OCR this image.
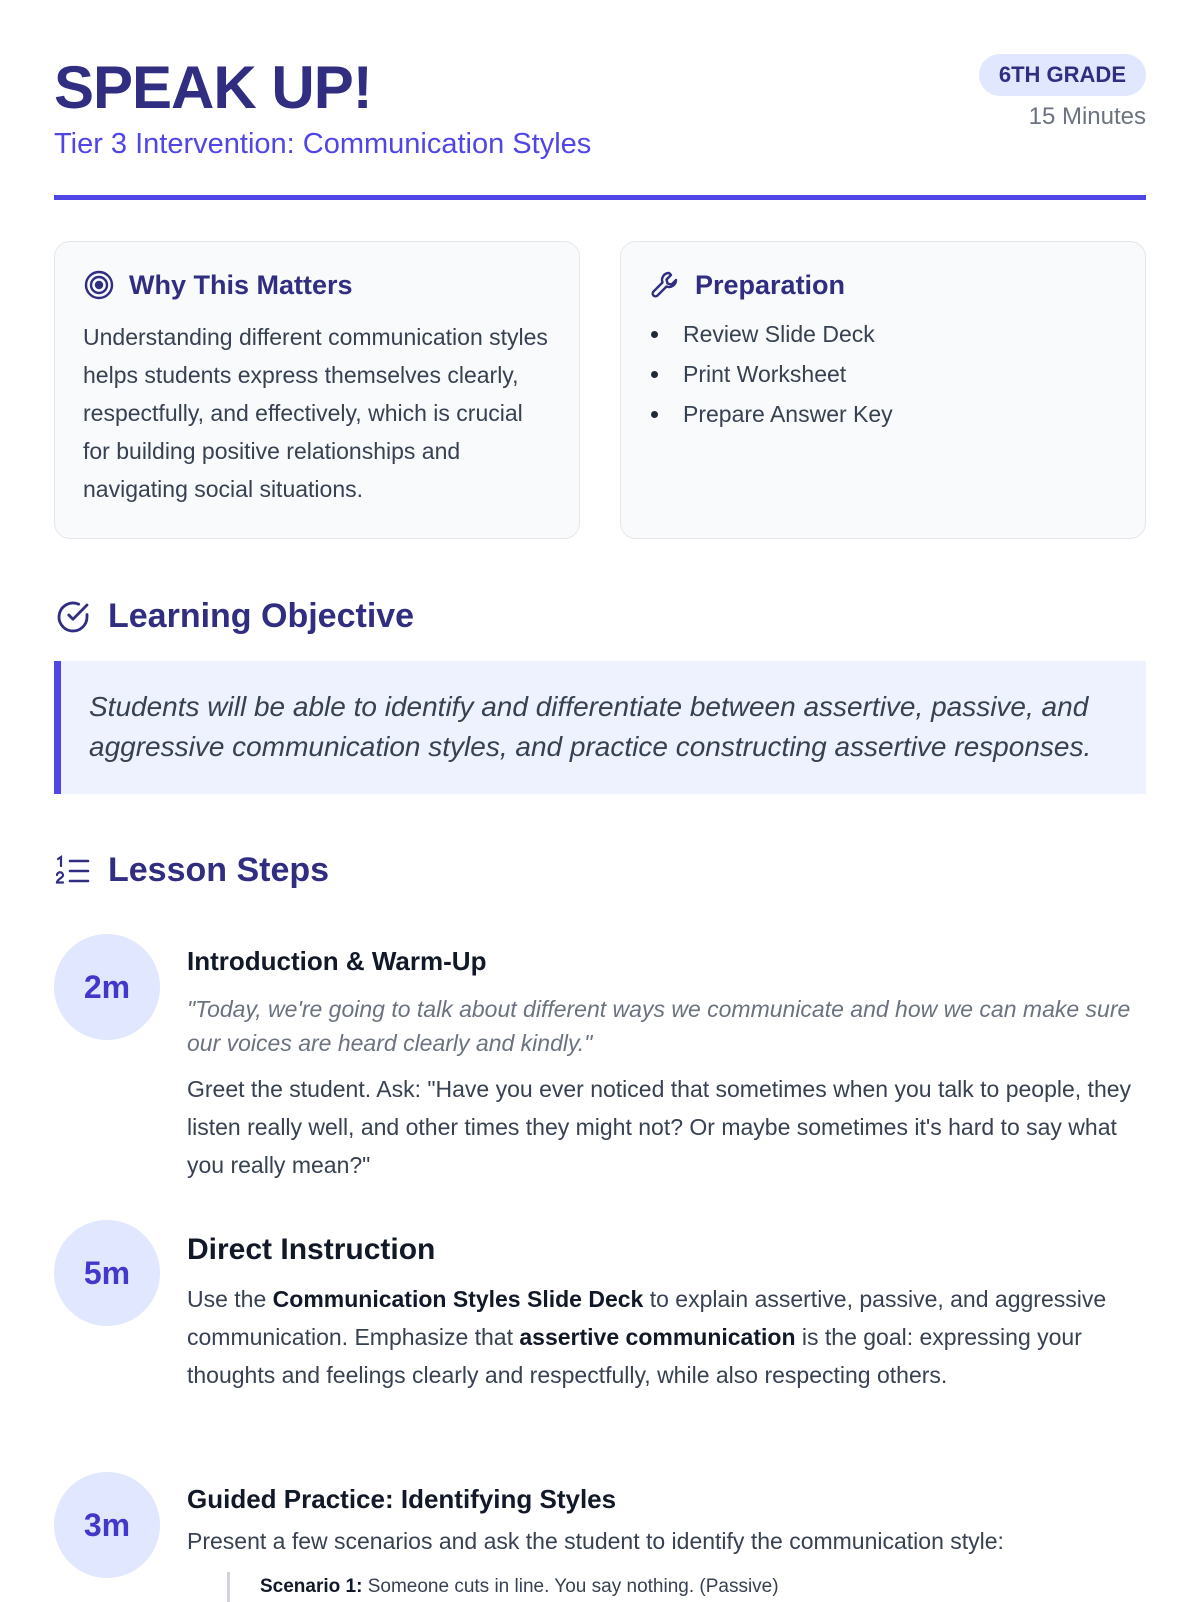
SPEAK UP!

Tier 3 Intervention: Communication Styles

6TH GRADE
15 Minutes
Why This Matters

Understanding different communication styles helps students express themselves clearly, respectfully, and effectively, which is crucial for building positive relationships and navigating social situations.

Preparation
Review Slide Deck
Print Worksheet
Prepare Answer Key
Learning Objective

Students will be able to identify and differentiate between assertive, passive, and aggressive communication styles, and practice constructing assertive responses.

Lesson Steps
2m
Introduction & Warm-Up

"Today, we're going to talk about different ways we communicate and how we can make sure our voices are heard clearly and kindly."

Greet the student. Ask: "Have you ever noticed that sometimes when you talk to people, they listen really well, and other times they might not? Or maybe sometimes it's hard to say what you really mean?"

5m
Direct Instruction

Use the Communication Styles Slide Deck to explain assertive, passive, and aggressive communication. Emphasize that assertive communication is the goal: expressing your thoughts and feelings clearly and respectfully, while also respecting others.

3m
Guided Practice: Identifying Styles

Present a few scenarios and ask the student to identify the communication style:

Scenario 1: Someone cuts in line. You say nothing. (Passive)
